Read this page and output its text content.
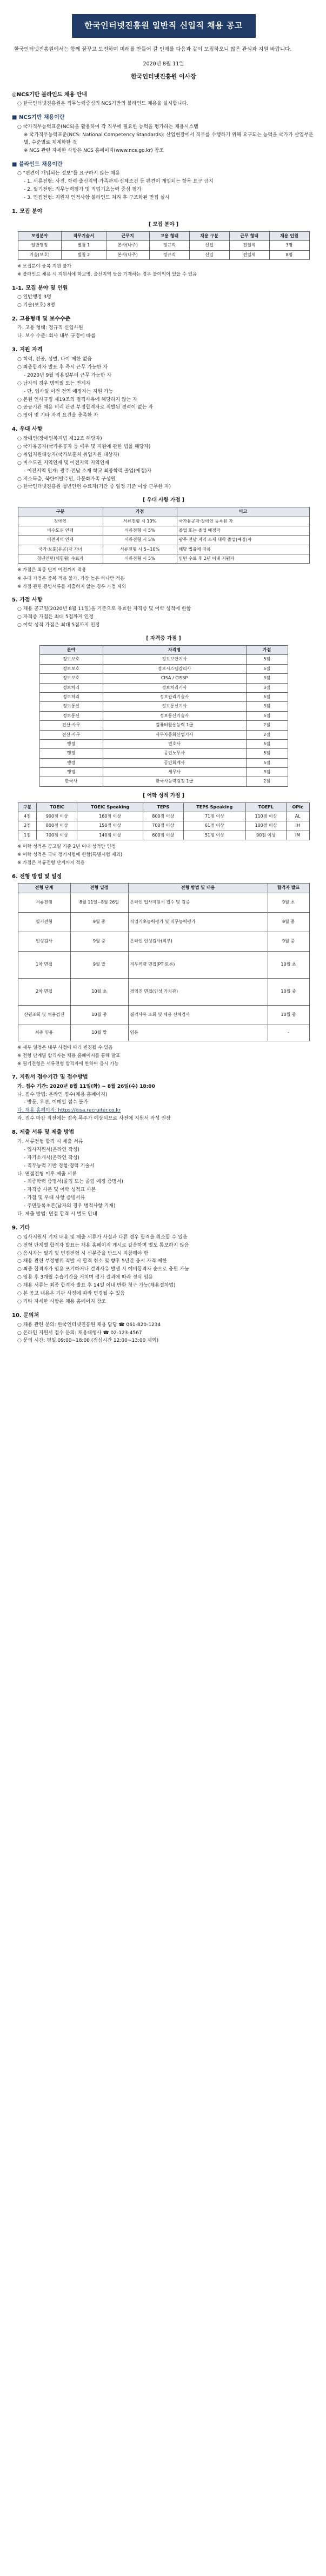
한국인터넷진흥원 일반직 신입직 채용 공고
한국인터넷진흥원에서는 함께 꿈꾸고 도전하며 미래를 만들어 갈 인재를 다음과 같이 모집하오니 많은 관심과 지원 바랍니다.
2020년 8월 11일
한국인터넷진흥원 이사장
◎NCS기반 블라인드 채용 안내
○ 한국인터넷진흥원은 직무능력중심의 NCS기반의 블라인드 채용을 실시합니다.
■ NCS기반 채용이란
○ 국가직무능력표준(NCS)을 활용하여 각 직무에 필요한 능력을 평가하는 채용시스템
※ 국가직무능력표준(NCS: National Competency Standards): 산업현장에서 직무를 수행하기 위해 요구되는 능력을 국가가 산업부문별, 수준별로 체계화한 것
※ NCS 관련 자세한 사항은 NCS 홈페이지(www.ncs.go.kr) 참조
■ 블라인드 채용이란
○ "편견이 개입되는 정보"를 요구하지 않는 채용
- 1. 서류전형: 사진, 학력·출신지역·가족관계·신체조건 등 편견이 개입되는 항목 요구 금지
- 2. 필기전형: 직무능력평가 및 직업기초능력 중심 평가
- 3. 면접전형: 지원자 인적사항 블라인드 처리 후 구조화된 면접 실시
1. 모집 분야
[ 모집 분야 ]
모집분야	직무기술서	근무지	고용 형태	채용 구분	근무 형태	채용 인원
일반행정	별첨 1	본사(나주)	정규직	신입	전일제	3명
기술(보호)	별첨 2	본사(나주)	정규직	신입	전일제	8명
※ 모집분야 중복 지원 불가
※ 블라인드 채용 시 지원서에 학교명, 출신지역 등을 기재하는 경우 불이익이 있을 수 있음
1-1. 모집 분야 및 인원
○ 일반행정 3명
○ 기술(보호) 8명
2. 고용형태 및 보수수준
가. 고용 형태: 정규직 신입사원
나. 보수 수준: 회사 내부 규정에 따름
3. 지원 자격
○ 학력, 전공, 성별, 나이 제한 없음
○ 최종합격자 발표 후 즉시 근무 가능한 자
- 2020년 9월 임용일부터 근무 가능한 자
○ 남자의 경우 병역필 또는 면제자
- 단, 입사일 이전 전역 예정자는 지원 가능
○ 본원 인사규정 제19조의 결격사유에 해당하지 않는 자
○ 공공기관 채용 비리 관련 부정합격자로 적발된 경력이 없는 자
○ 영어 및 기타 자격 요건을 충족한 자
4. 우대 사항
○ 장애인(장애인복지법 제32조 해당자)
○ 국가유공자(국가유공자 등 예우 및 지원에 관한 법률 해당자)
○ 취업지원대상자(국가보훈처 취업지원 대상자)
○ 비수도권 지역인재 및 이전지역 지역인재
- 이전지역 인재: 광주·전남 소재 학교 최종학력 졸업(예정)자
○ 저소득층, 북한이탈주민, 다문화가족 구성원
○ 한국인터넷진흥원 청년인턴 수료자(기간 중 일정 기준 이상 근무한 자)
[ 우대 사항 가점 ]
구분	가점	비고
장애인	서류전형 시 10%	국가유공자·장애인 등록된 자
비수도권 인재	서류전형 시 5%	졸업 또는 졸업 예정자
이전지역 인재	서류전형 시 5%	광주·전남 지역 소재 대학 졸업(예정)자
국가·보훈(유공)자 자녀	서류전형 시 5~10%	해당 법률에 따름
청년인턴(체험형) 수료자	서류전형 시 5%	인턴 수료 후 2년 이내 지원자
※ 가점은 최종 단계 이전까지 적용
※ 우대 가점은 중복 적용 불가, 가장 높은 하나만 적용
※ 가점 관련 증빙서류를 제출하지 않는 경우 가점 제외
5. 가점 사항
○ 채용 공고일(2020년 8월 11일)을 기준으로 유효한 자격증 및 어학 성적에 한함
○ 자격증 가점은 최대 5점까지 인정
○ 어학 성적 가점은 최대 5점까지 인정
[ 자격증 가점 ]
분야	자격명	가점
정보보호	정보보안기사	5점
정보보호	정보시스템감리사	5점
정보보호	CISA / CISSP	3점
정보처리	정보처리기사	3점
정보처리	정보관리기술사	5점
정보통신	정보통신기사	3점
정보통신	정보통신기술사	5점
전산·사무	컴퓨터활용능력 1급	2점
전산·사무	사무자동화산업기사	2점
행정	변호사	5점
행정	공인노무사	5점
행정	공인회계사	5점
행정	세무사	3점
한국사	한국사능력검정 1급	2점
[ 어학 성적 가점 ]
구분	TOEIC	TOEIC Speaking	TEPS	TEPS Speaking	TOEFL	OPIc
4점	900점 이상	160점 이상	800점 이상	71점 이상	110점 이상	AL
2점	800점 이상	150점 이상	700점 이상	61점 이상	100점 이상	IH
1점	700점 이상	140점 이상	600점 이상	51점 이상	90점 이상	IM
※ 어학 성적은 공고일 기준 2년 이내 성적만 인정
※ 어학 성적은 국내 정기시험에 한함(특별시험 제외)
※ 가점은 서류전형 단계까지 적용
6. 전형 방법 및 일정
전형 단계	전형 일정	전형 방법 및 내용	합격자 발표
서류전형	8월 11일~8월 26일	온라인 입사지원서 접수 및 검증	9월 초
필기전형	9월 중	직업기초능력평가 및 직무능력평가	9월 중
인성검사	9월 중	온라인 인성검사(적부)	9월 중
1차 면접	9월 말	직무역량 면접(PT·토론)	10월 초
2차 면접	10월 초	경영진 면접(인성·가치관)	10월 중
신원조회 및 채용검진	10월 중	결격사유 조회 및 채용 신체검사	10월 중
최종 임용	10월 말	임용	-
※ 세부 일정은 내부 사정에 따라 변경될 수 있음
※ 전형 단계별 합격자는 채용 홈페이지를 통해 발표
※ 필기전형은 서류전형 합격자에 한하여 응시 가능
7. 지원서 접수기간 및 접수방법
가. 접수 기간: 2020년 8월 11일(화) ~ 8월 26일(수) 18:00
나. 접수 방법: 온라인 접수(채용 홈페이지)
- 방문, 우편, 이메일 접수 불가
다. 채용 홈페이지: https://kisa.recruiter.co.kr
라. 접수 마감 직전에는 접속 폭주가 예상되므로 사전에 지원서 작성 권장
8. 제출 서류 및 제출 방법
가. 서류전형 합격 시 제출 서류
- 입사지원서(온라인 작성)
- 자기소개서(온라인 작성)
- 직무능력 기반 경험·경력 기술서
나. 면접전형 이후 제출 서류
- 최종학력 증명서(졸업 또는 졸업 예정 증명서)
- 자격증 사본 및 어학 성적표 사본
- 가점 및 우대 사항 증빙서류
- 주민등록초본(남자의 경우 병적사항 기재)
다. 제출 방법: 면접 합격 시 별도 안내
9. 기타
○ 입사지원서 기재 내용 및 제출 서류가 사실과 다른 경우 합격을 취소할 수 있음
○ 전형 단계별 합격자 발표는 채용 홈페이지 게시로 갈음하며 별도 통보하지 않음
○ 응시자는 필기 및 면접전형 시 신분증을 반드시 지참해야 함
○ 채용 관련 부정행위 적발 시 합격 취소 및 향후 5년간 응시 자격 제한
○ 최종 합격자가 임용 포기하거나 결격사유 발생 시 예비합격자 순으로 충원 가능
○ 임용 후 3개월 수습기간을 거치며 평가 결과에 따라 정식 임용
○ 채용 서류는 최종 합격자 발표 후 14일 이내 반환 청구 가능(채용절차법)
○ 본 공고 내용은 기관 사정에 따라 변경될 수 있음
○ 기타 자세한 사항은 채용 홈페이지 참조
10. 문의처
○ 채용 관련 문의: 한국인터넷진흥원 채용 담당 ☎ 061-820-1234
○ 온라인 지원서 접수 문의: 채용대행사 ☎ 02-123-4567
○ 문의 시간: 평일 09:00~18:00 (점심시간 12:00~13:00 제외)
